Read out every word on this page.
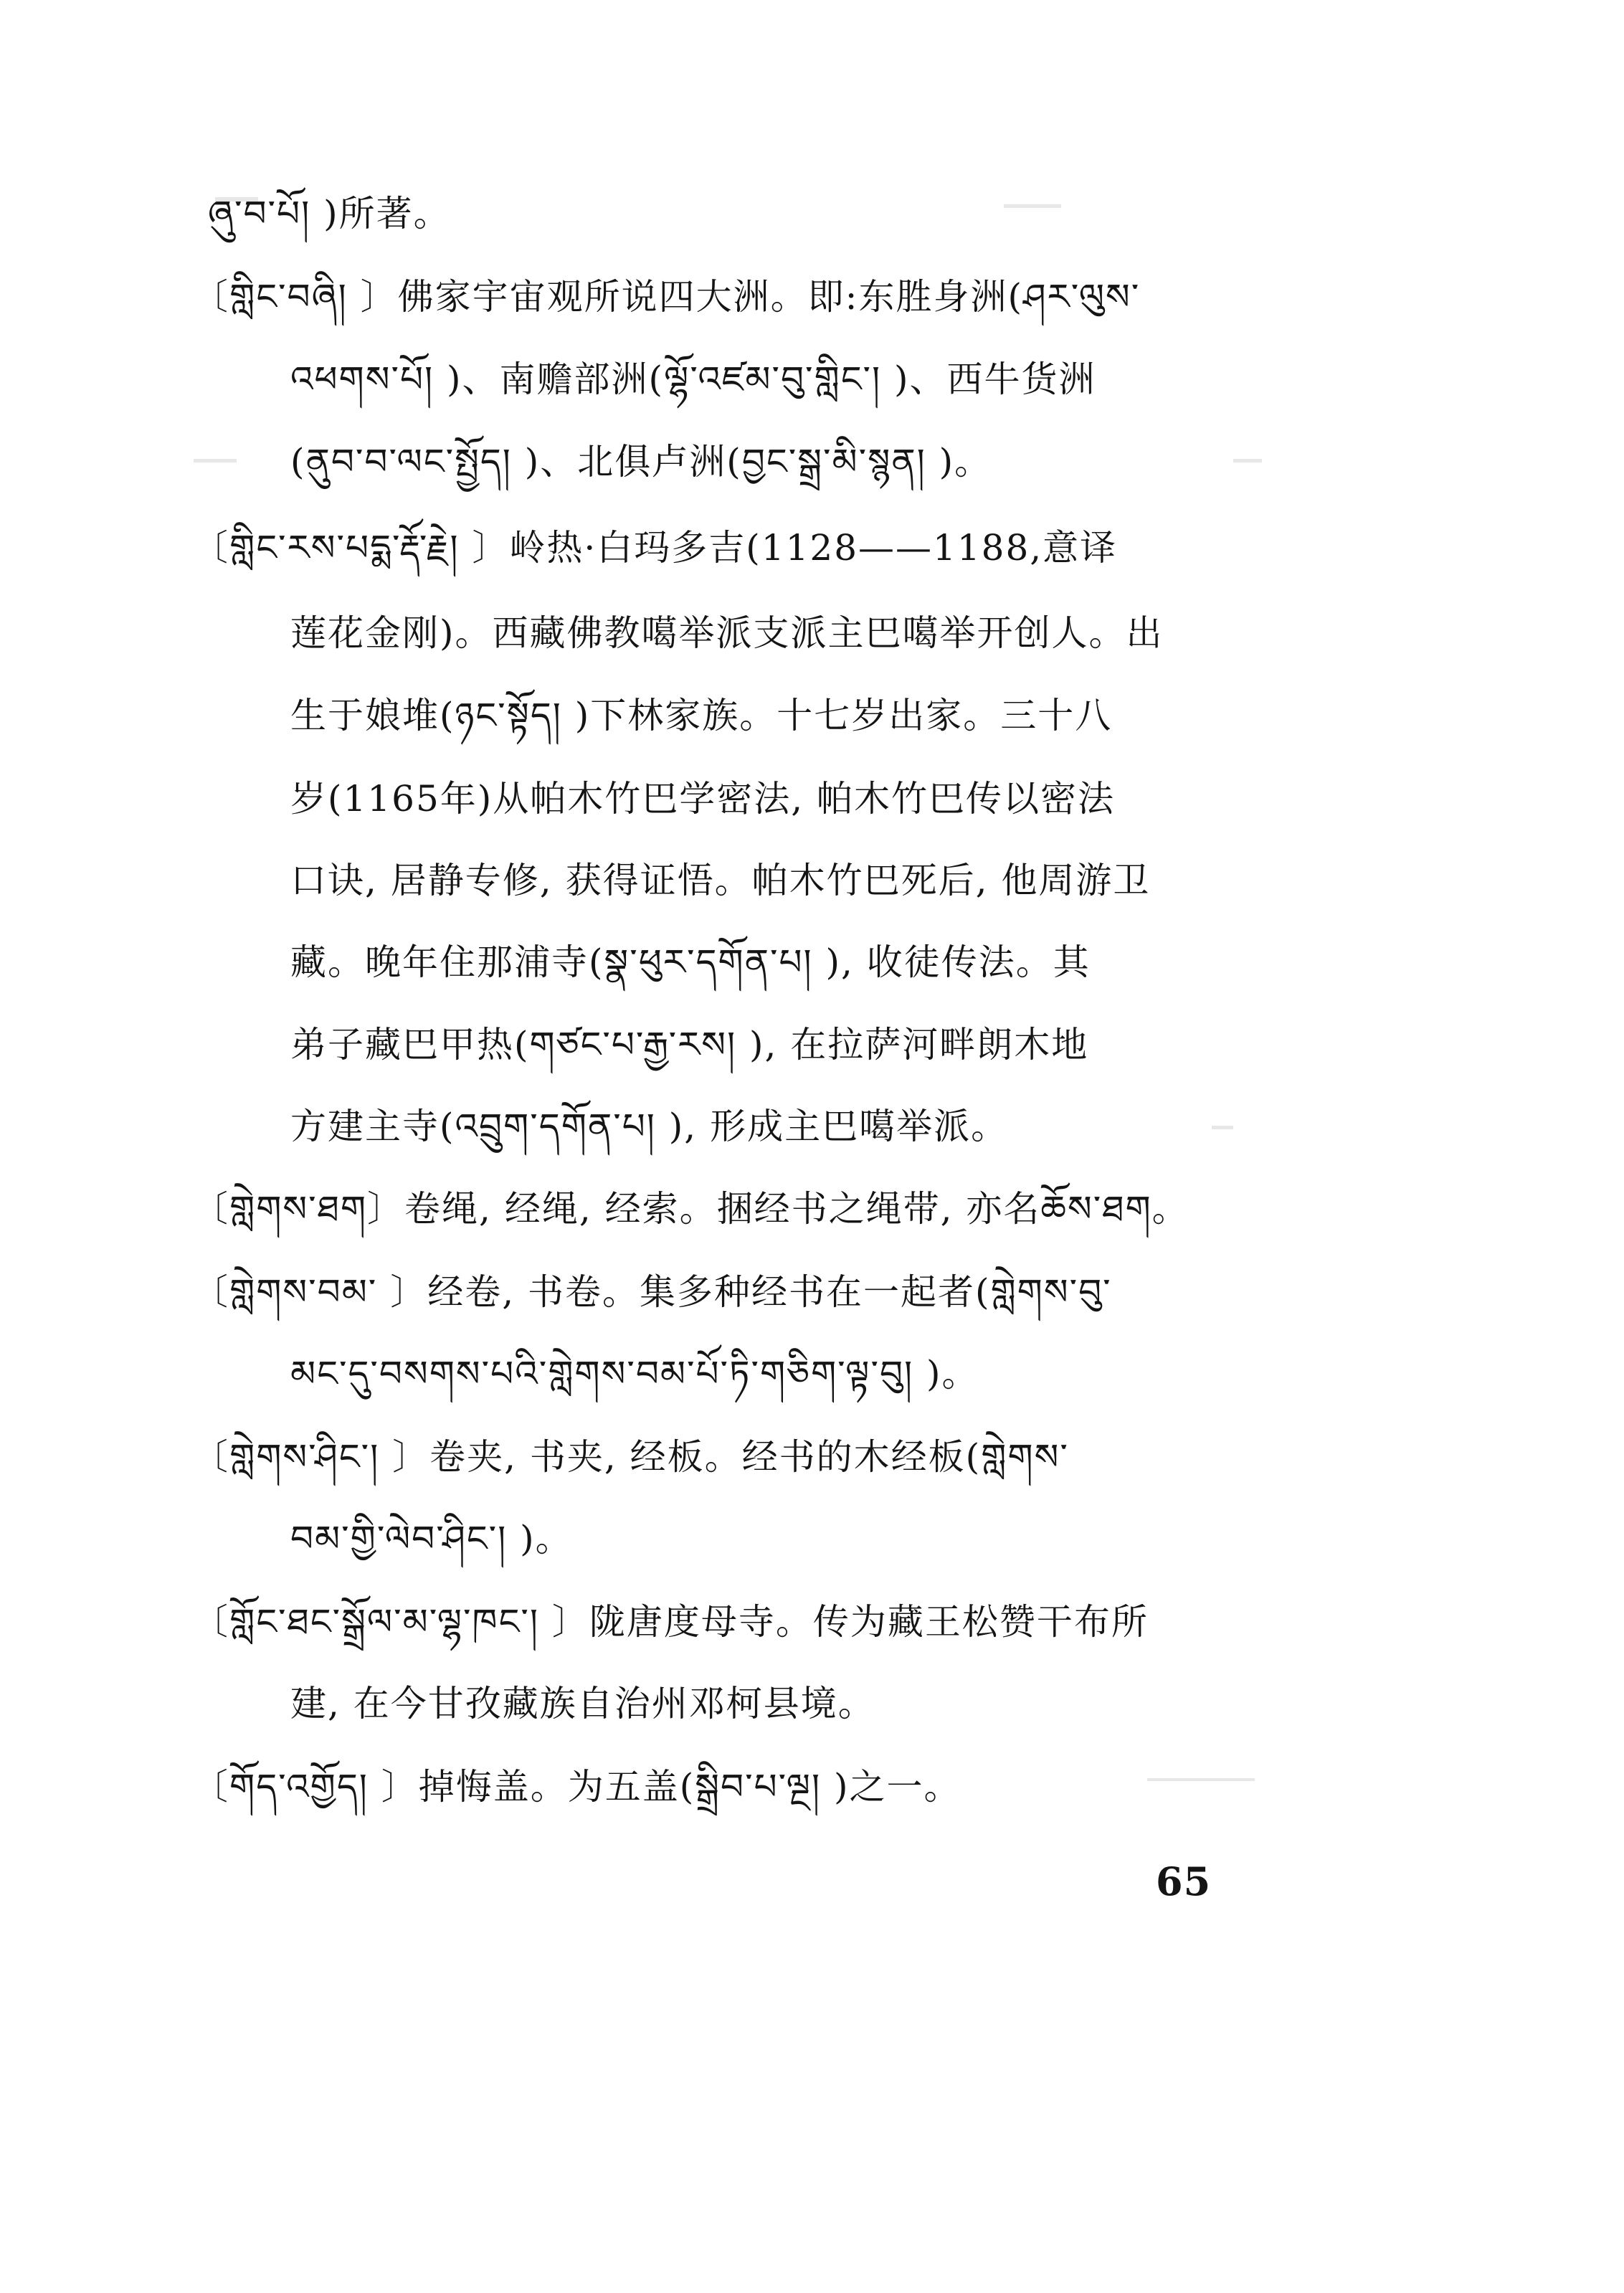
ཞུ་བ་པོ། )所著。
〔གླིང་བཞི། 〕佛家宇宙观所说四大洲。即:东胜身洲(ཤར་ལུས་
འཕགས་པོ། )、南赡部洲(ལྷོ་འཛམ་བུ་གླིང་། )、西牛货洲
(ནུབ་བ་ལང་སྤྱོད། )、北俱卢洲(བྱང་སྒྲ་མི་སྙན། )。
〔གླིང་རས་པདྨ་རྡོ་རྗེ། 〕岭热·白玛多吉(1128——1188,意译
莲花金刚)。西藏佛教噶举派支派主巴噶举开创人。出
生于娘堆(ཉང་སྟོད། )下林家族。十七岁出家。三十八
岁(1165年)从帕木竹巴学密法, 帕木竹巴传以密法
口诀, 居静专修, 获得证悟。帕木竹巴死后, 他周游卫
藏。晚年住那浦寺(སྣ་ཕུར་དགོན་པ། ), 收徒传法。其
弟子藏巴甲热(གཙང་པ་རྒྱ་རས། ), 在拉萨河畔朗木地
方建主寺(འབྲུག་དགོན་པ། ), 形成主巴噶举派。
〔གླེགས་ཐག〕卷绳, 经绳, 经索。捆经书之绳带, 亦名ཆོས་ཐག。
〔གླེགས་བམ་ 〕经卷, 书卷。集多种经书在一起者(གླེགས་བུ་
མང་དུ་བསགས་པའི་གླེགས་བམ་པོ་ཏི་གཅིག་ལྟ་བུ། )。
〔གླེགས་ཤིང་། 〕卷夹, 书夹, 经板。经书的木经板(གླེགས་
བམ་གྱི་ལེབ་ཤིང་། )。
〔གློང་ཐང་སྒྲོལ་མ་ལྷ་ཁང་། 〕陇唐度母寺。传为藏王松赞干布所
建, 在今甘孜藏族自治州邓柯县境。
〔གོད་འགྱོད། 〕掉悔盖。为五盖(སྒྲིབ་པ་ལྔ། )之一。
65
